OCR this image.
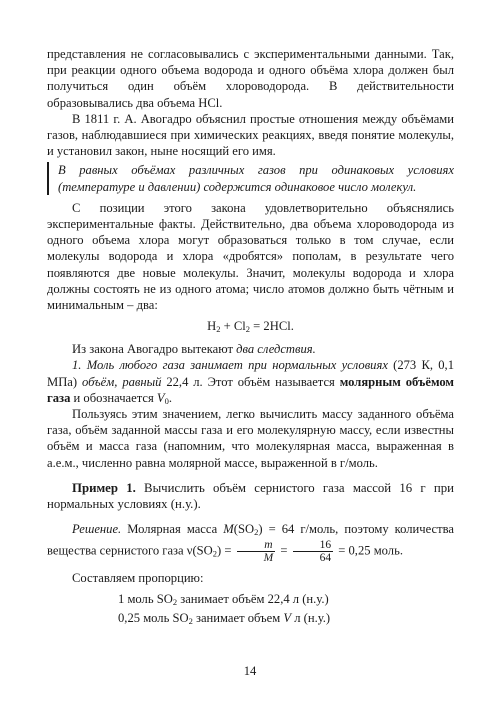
представления не согласовывались с экспериментальными данными. Так, при реакции одного объема водорода и одного объёма хлора должен был получиться один объём хлороводорода. В действительности образовывались два объема HCl.

В 1811 г. А. Авогадро объяснил простые отношения между объёмами газов, наблюдавшиеся при химических реакциях, введя понятие молекулы, и установил закон, ныне носящий его имя.

В равных объёмах различных газов при одинаковых условиях (температуре и давлении) содержится одинаковое число молекул.

С позиции этого закона удовлетворительно объяснялись экспериментальные факты. Действительно, два объема хлороводорода из одного объема хлора могут образоваться только в том случае, если молекулы водорода и хлора «дробятся» пополам, в результате чего появляются две новые молекулы. Значит, молекулы водорода и хлора должны состоять не из одного атома; число атомов должно быть чётным и минимальным – два:

$H_2 + Cl_2 = 2HCl$.

Из закона Авогадро вытекают два следствия.

1. Моль любого газа занимает при нормальных условиях (273 К, 0,1 МПа) объём, равный 22,4 л. Этот объём называется молярным объёмом газа и обозначается $V_0$.

Пользуясь этим значением, легко вычислить массу заданного объёма газа, объём заданной массы газа и его молекулярную массу, если известны объём и масса газа (напомним, что молекулярная масса, выраженная в а.е.м., численно равна молярной массе, выраженной в г/моль.

Пример 1. Вычислить объём сернистого газа массой 16 г при нормальных условиях (н.у.).

Решение. Молярная масса $M(SO_2) = 64$ г/моль, поэтому количества вещества сернистого газа $\nu(SO_2) = \frac{m}{M} = \frac{16}{64} = 0,25$ моль.

Составляем пропорцию:

1 моль $SO_2$ занимает объём 22,4 л (н.у.)

0,25 моль $SO_2$ занимает объем V л (н.у.)

14
